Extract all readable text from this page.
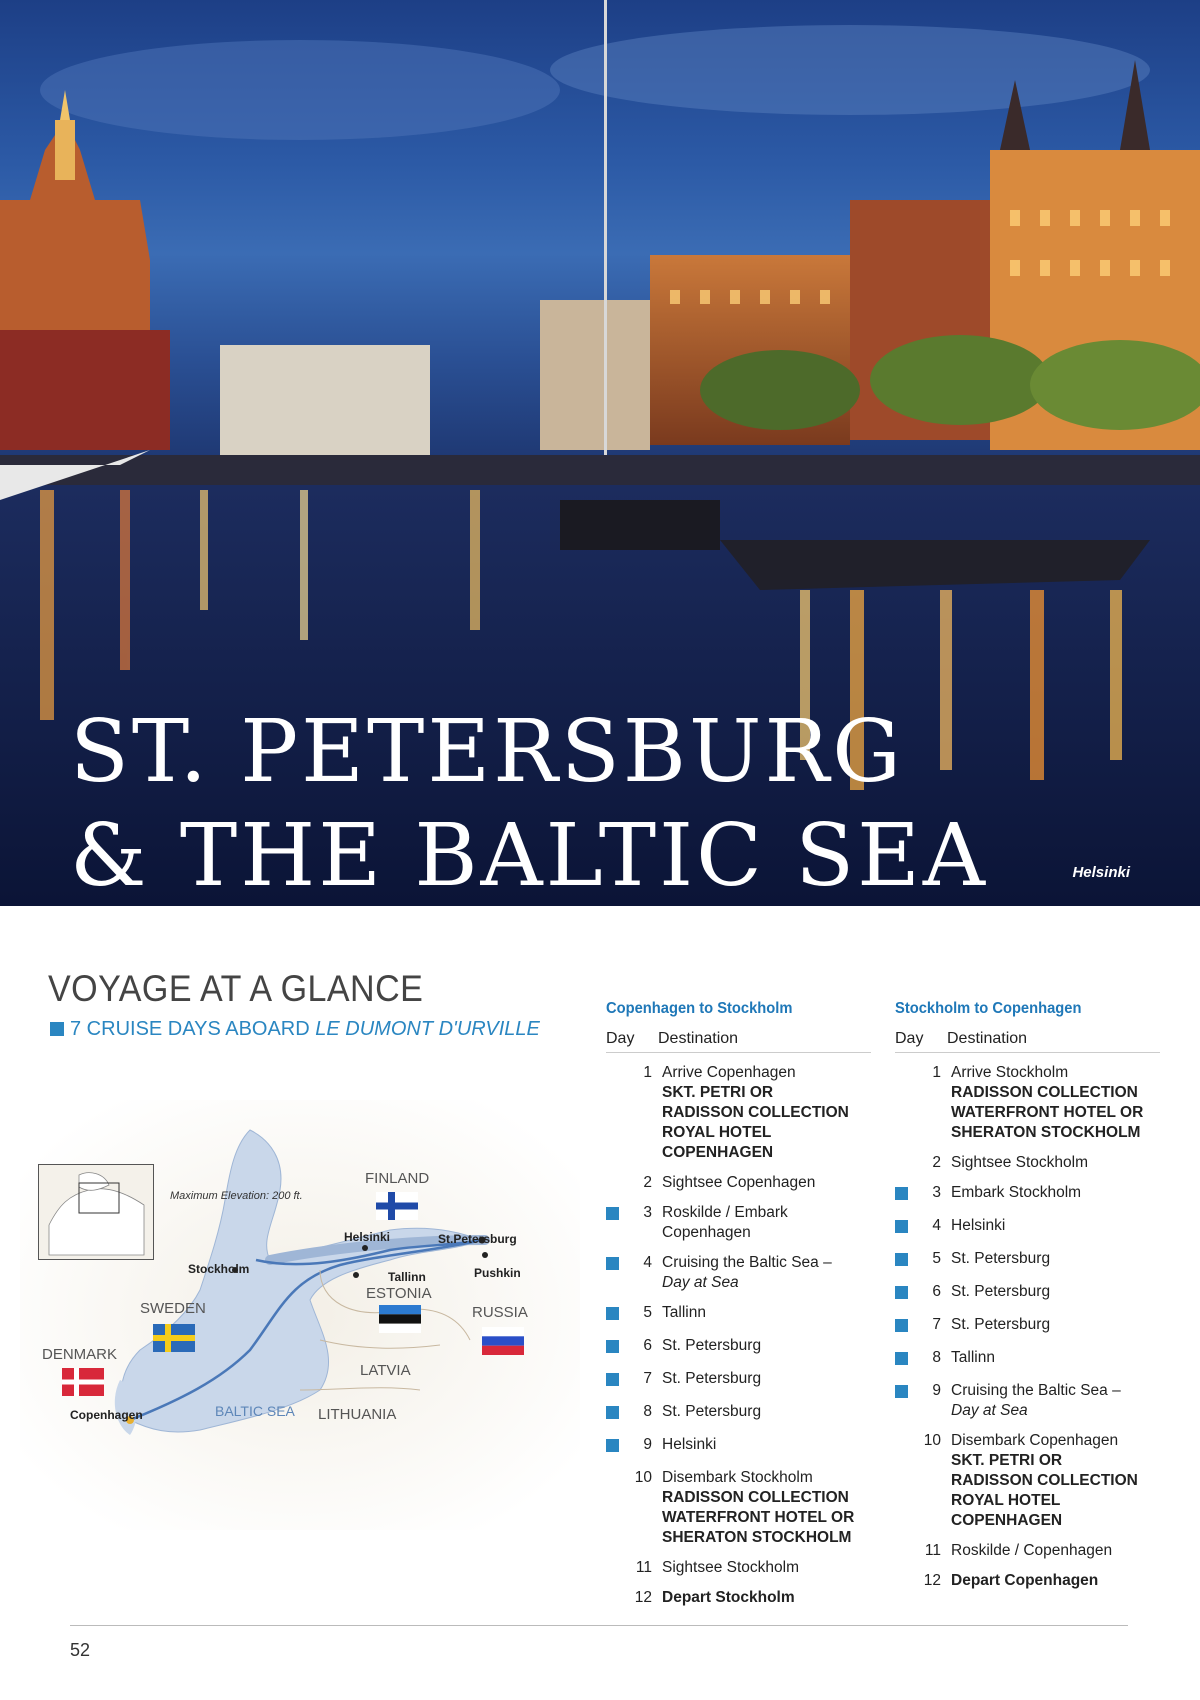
ST. PETERSBURG
& THE BALTIC SEA	Helsinki
VOYAGE AT A GLANCE
7 CRUISE DAYS ABOARD LE DUMONT D'URVILLE
Maximum Elevation: 200 ft.
FINLAND
SWEDEN
DENMARK
ESTONIA
RUSSIA
LATVIA
LITHUANIA
BALTIC SEA
Helsinki	St.Petersburg
Stockholm
Tallinn	Pushkin
Copenhagen
Copenhagen to Stockholm
Day	Destination
1 Arrive Copenhagen
SKT. PETRI OR
RADISSON COLLECTION
ROYAL HOTEL COPENHAGEN
2 Sightsee Copenhagen
3 Roskilde / Embark Copenhagen
4 Cruising the Baltic Sea –
Day at Sea
5 Tallinn
6 St. Petersburg
7 St. Petersburg
8 St. Petersburg
9 Helsinki
10 Disembark Stockholm
RADISSON COLLECTION
WATERFRONT HOTEL OR
SHERATON STOCKHOLM
11 Sightsee Stockholm
12 Depart Stockholm
Stockholm to Copenhagen
Day	Destination
1 Arrive Stockholm
RADISSON COLLECTION
WATERFRONT HOTEL OR
SHERATON STOCKHOLM
2 Sightsee Stockholm
3 Embark Stockholm
4 Helsinki
5 St. Petersburg
6 St. Petersburg
7 St. Petersburg
8 Tallinn
9 Cruising the Baltic Sea –
Day at Sea
10 Disembark Copenhagen
SKT. PETRI OR
RADISSON COLLECTION
ROYAL HOTEL COPENHAGEN
11 Roskilde / Copenhagen
12 Depart Copenhagen
52
